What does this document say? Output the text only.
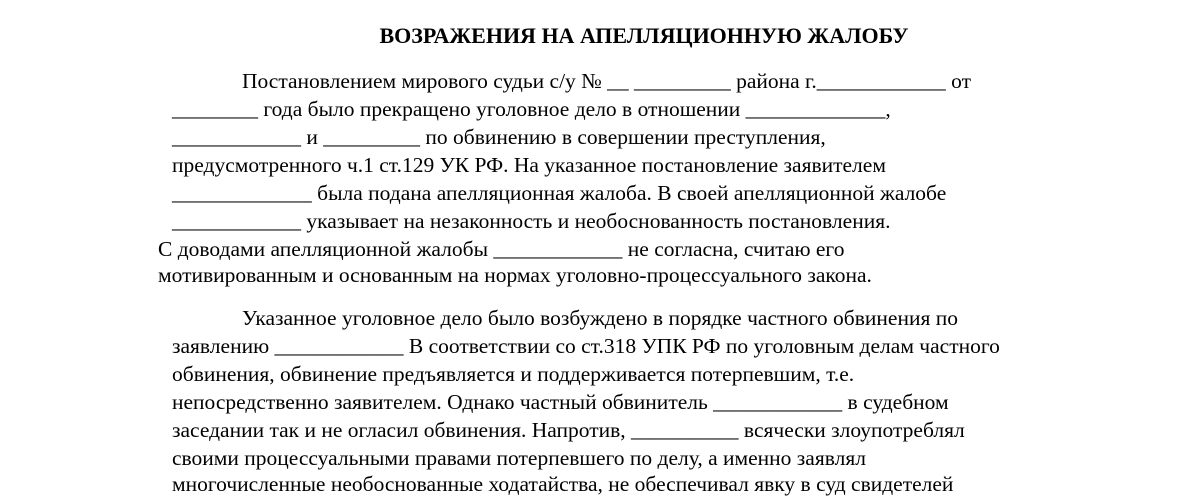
ВОЗРАЖЕНИЯ НА АПЕЛЛЯЦИОННУЮ ЖАЛОБУ
Постановлением мирового судьи с/у № __ _________ района г.____________ от
________ года было прекращено уголовное дело в отношении _____________,
____________ и _________ по обвинению в совершении преступления,
предусмотренного ч.1 ст.129 УК РФ. На указанное постановление заявителем
_____________ была подана апелляционная жалоба. В своей апелляционной жалобе
____________ указывает на незаконность и необоснованность постановления.
С доводами апелляционной жалобы ____________ не согласна, считаю его
мотивированным и основанным на нормах уголовно-процессуального закона.
Указанное уголовное дело было возбуждено в порядке частного обвинения по
заявлению ____________ В соответствии со ст.318 УПК РФ по уголовным делам частного
обвинения, обвинение предъявляется и поддерживается потерпевшим, т.е.
непосредственно заявителем. Однако частный обвинитель ____________ в судебном
заседании так и не огласил обвинения. Напротив, __________ всячески злоупотреблял
своими процессуальными правами потерпевшего по делу, а именно заявлял
многочисленные необоснованные ходатайства, не обеспечивал явку в суд свидетелей
